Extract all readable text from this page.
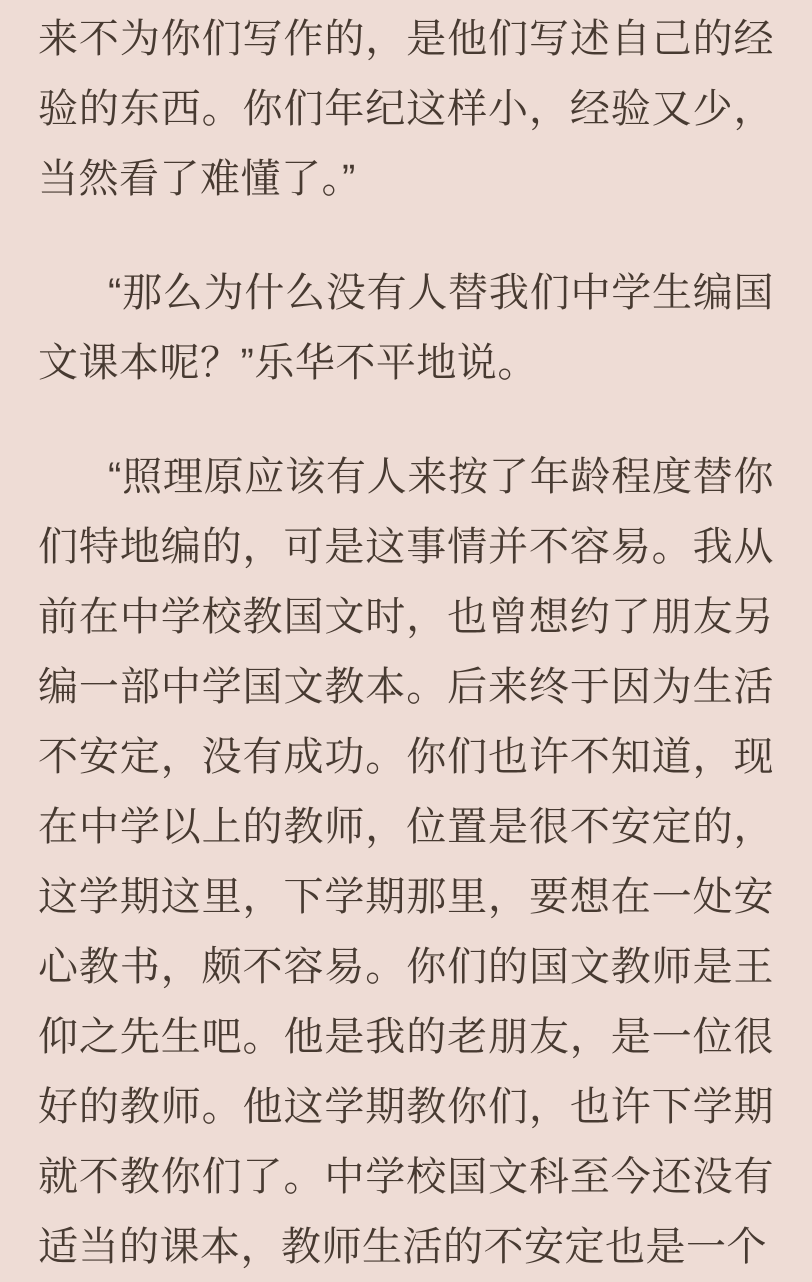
来不为你们写作的，是他们写述自己的经验的东西。你们年纪这样小，经验又少，当然看了难懂了。”

“那么为什么没有人替我们中学生编国文课本呢？”乐华不平地说。

“照理原应该有人来按了年龄程度替你们特地编的，可是这事情并不容易。我从前在中学校教国文时，也曾想约了朋友另编一部中学国文教本。后来终于因为生活不安定，没有成功。你们也许不知道，现在中学以上的教师，位置是很不安定的，这学期这里，下学期那里，要想在一处安心教书，颇不容易。你们的国文教师是王仰之先生吧。他是我的老朋友，是一位很好的教师。他这学期教你们，也许下学期就不教你们了。中学校国文科至今还没有适当的课本，教师生活的不安定也是一个
